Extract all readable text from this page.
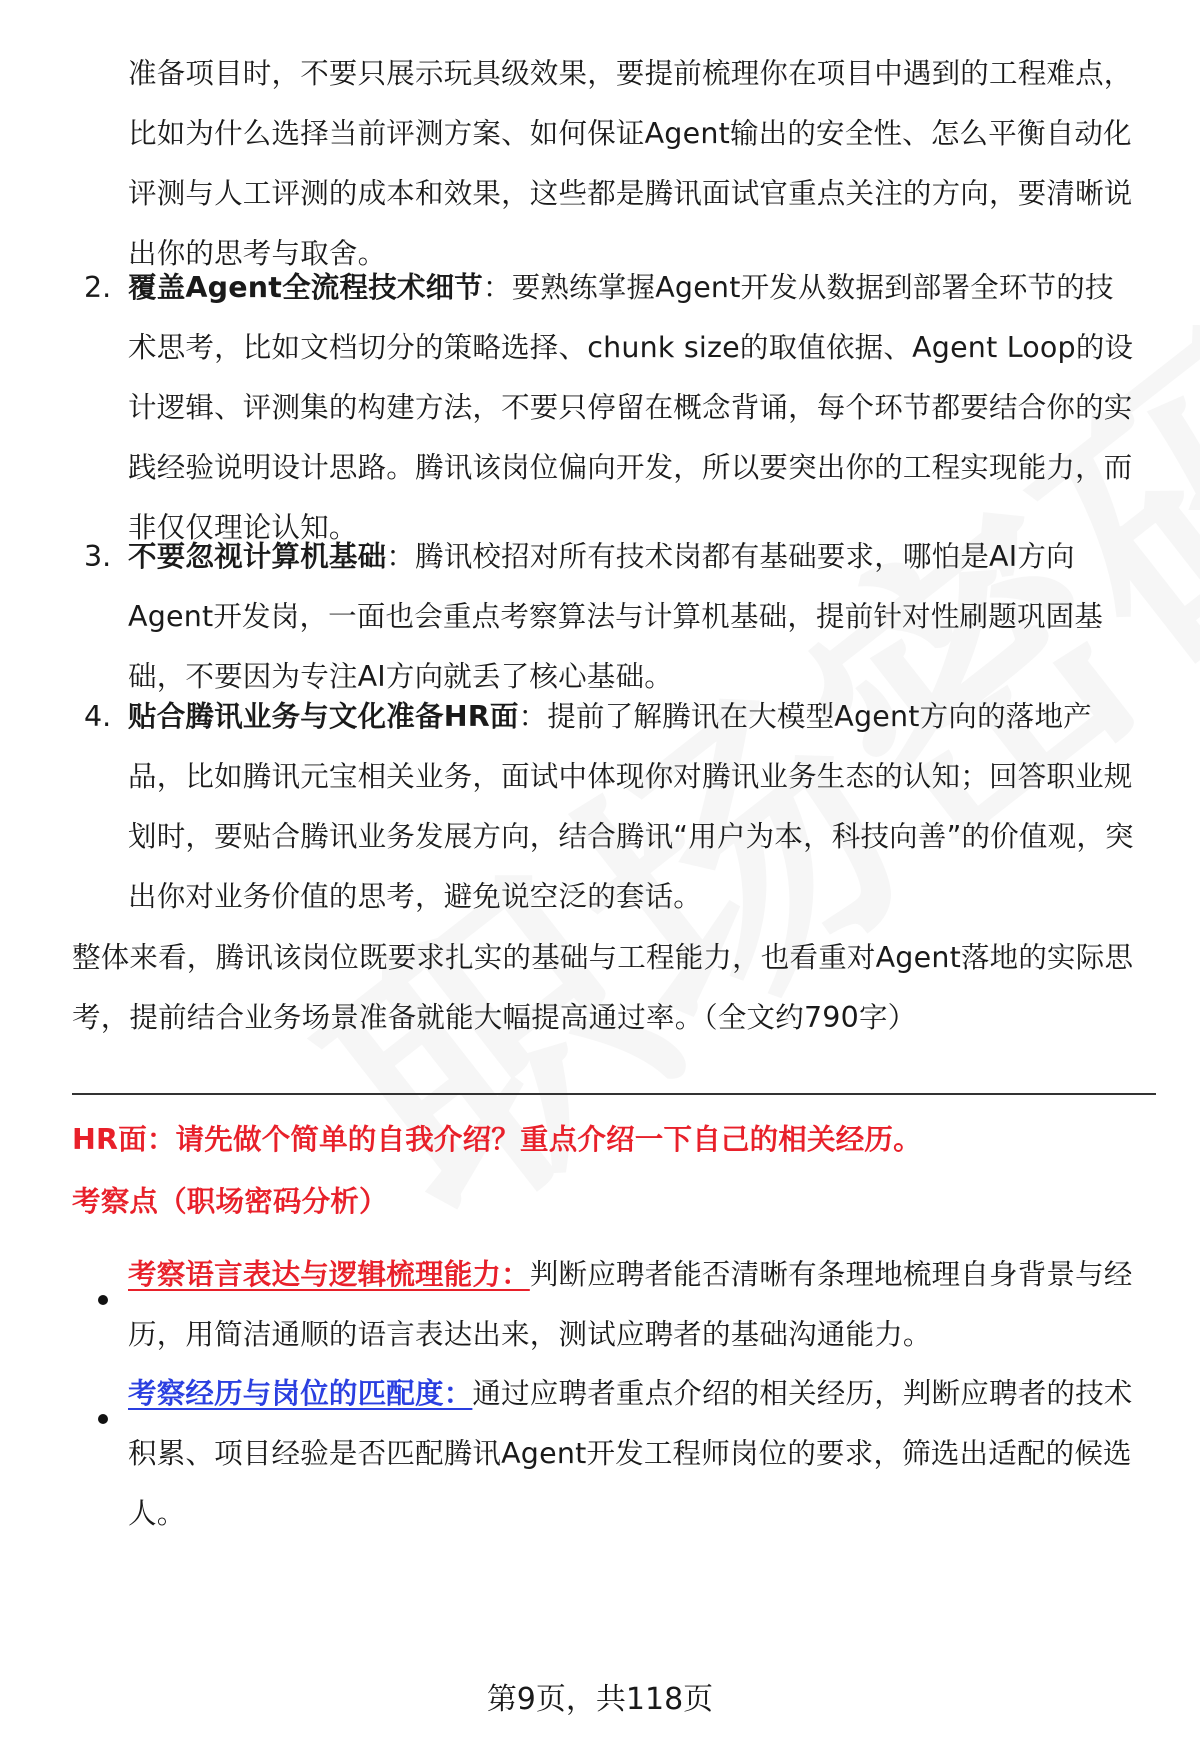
准备项目时，不要只展示玩具级效果，要提前梳理你在项目中遇到的工程难点，比如为什么选择当前评测方案、如何保证Agent输出的安全性、怎么平衡自动化评测与人工评测的成本和效果，这些都是腾讯面试官重点关注的方向，要清晰说出你的思考与取舍。

2. 覆盖Agent全流程技术细节：要熟练掌握Agent开发从数据到部署全环节的技术思考，比如文档切分的策略选择、chunk size的取值依据、Agent Loop的设计逻辑、评测集的构建方法，不要只停留在概念背诵，每个环节都要结合你的实践经验说明设计思路。腾讯该岗位偏向开发，所以要突出你的工程实现能力，而非仅仅理论认知。

3. 不要忽视计算机基础：腾讯校招对所有技术岗都有基础要求，哪怕是AI方向Agent开发岗，一面也会重点考察算法与计算机基础，提前针对性刷题巩固基础，不要因为专注AI方向就丢了核心基础。

4. 贴合腾讯业务与文化准备HR面：提前了解腾讯在大模型Agent方向的落地产品，比如腾讯元宝相关业务，面试中体现你对腾讯业务生态的认知；回答职业规划时，要贴合腾讯业务发展方向，结合腾讯“用户为本，科技向善”的价值观，突出你对业务价值的思考，避免说空泛的套话。

整体来看，腾讯该岗位既要求扎实的基础与工程能力，也看重对Agent落地的实际思考，提前结合业务场景准备就能大幅提高通过率。（全文约790字）

HR面：请先做个简单的自我介绍？重点介绍一下自己的相关经历。

考察点（职场密码分析）

考察语言表达与逻辑梳理能力：判断应聘者能否清晰有条理地梳理自身背景与经历，用简洁通顺的语言表达出来，测试应聘者的基础沟通能力。

考察经历与岗位的匹配度：通过应聘者重点介绍的相关经历，判断应聘者的技术积累、项目经验是否匹配腾讯Agent开发工程师岗位的要求，筛选出适配的候选人。

第9页，共118页
